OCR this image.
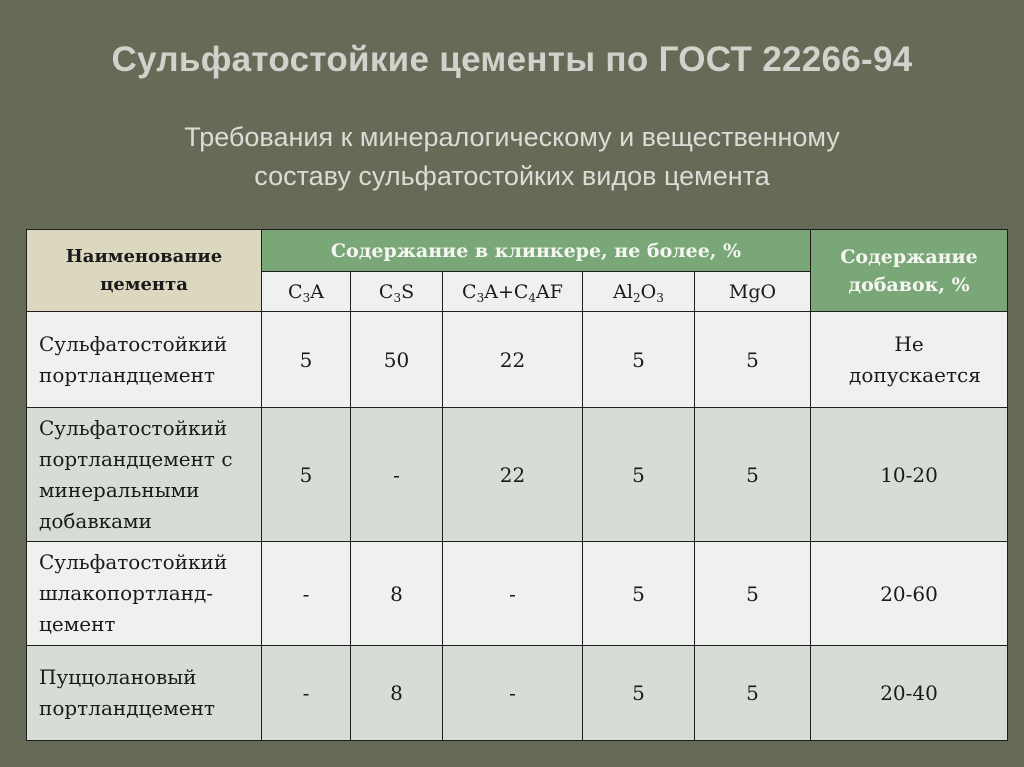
Сульфатостойкие цементы по ГОСТ 22266-94
Требования к минералогическому и вещественному
составу сульфатостойких видов цемента
Наименование цемента	Содержание в клинкере, не более, %					Содержание добавок, %

	$C_3A$	$C_3S$	$C_3A+C_4AF$	$Al_2O_3$	MgO	

Сульфатостойкий портландцемент	5	50	22	5	5	Не допускается

Сульфатостойкий портландцемент с минеральными добавками	5	-	22	5	5	10-20

Сульфатостойкий шлакопортланд-цемент	-	8	-	5	5	20-60

Пуццолановый портландцемент	-	8	-	5	5	20-40
